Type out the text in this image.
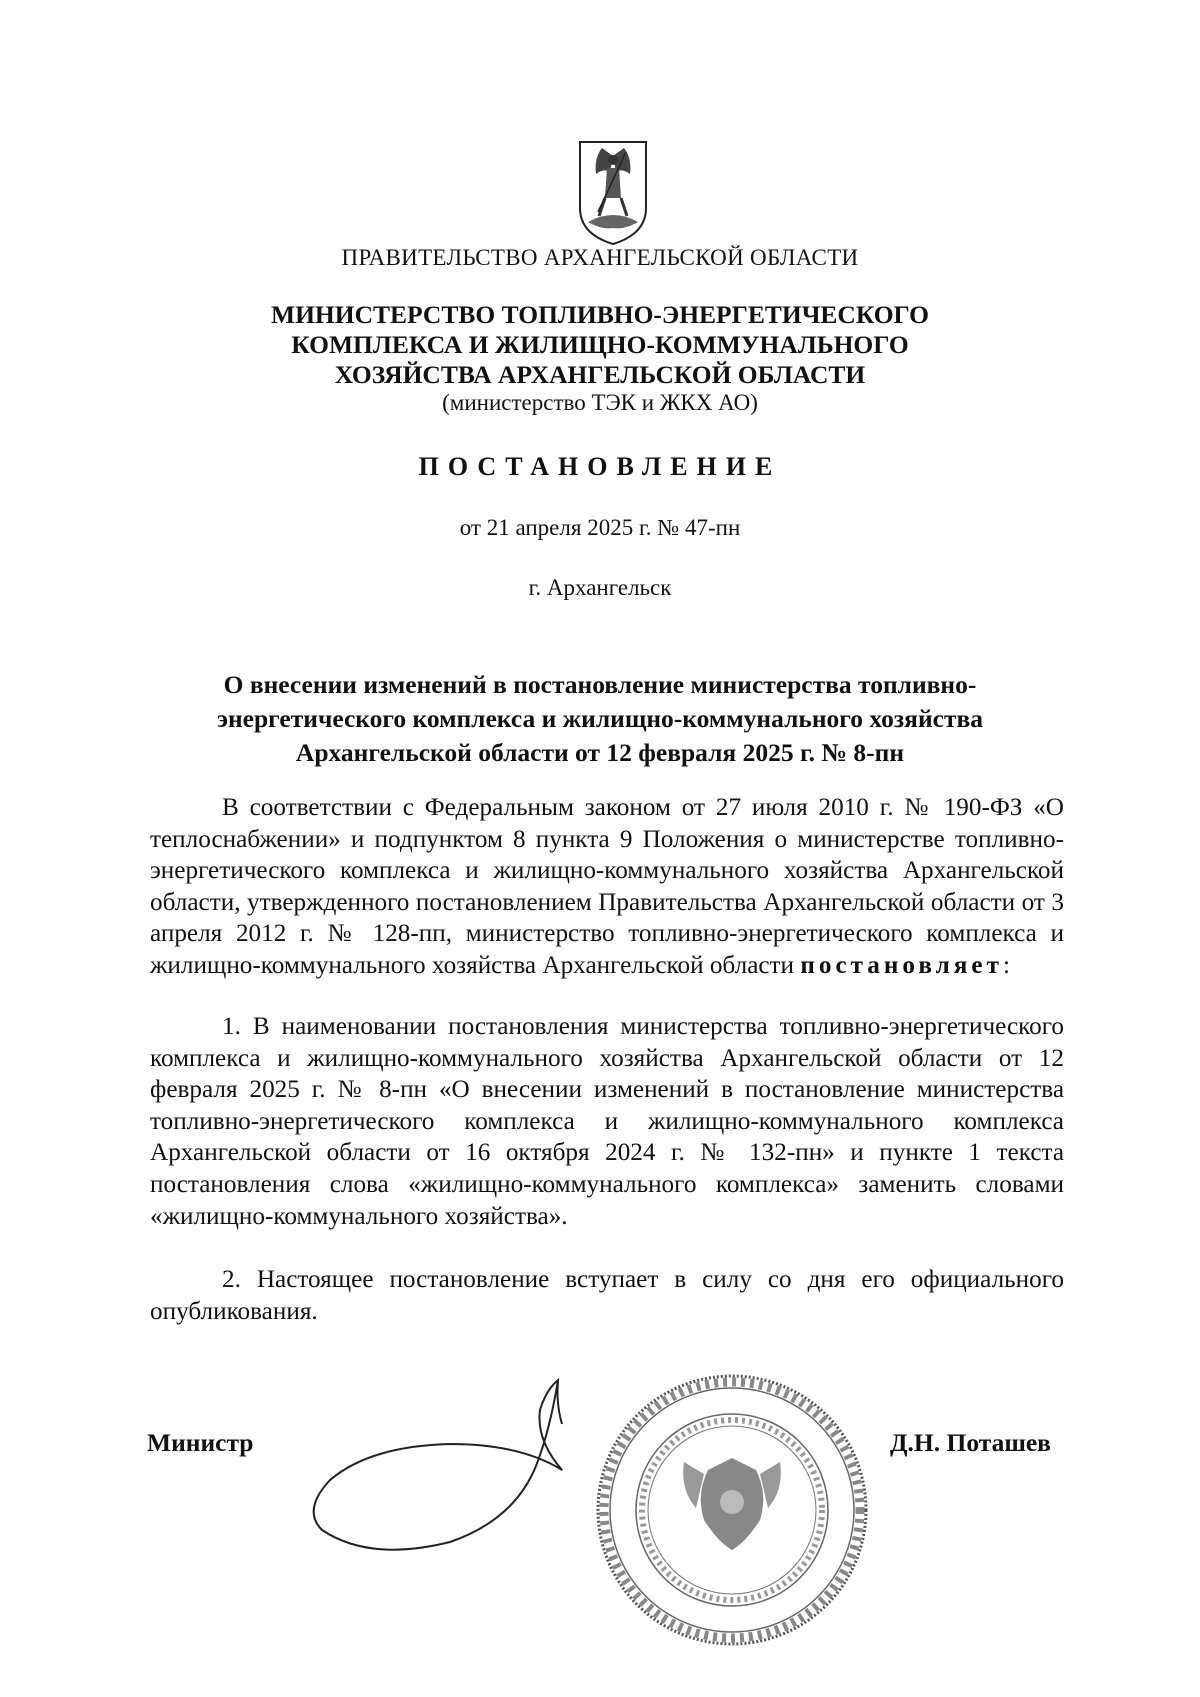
ПРАВИТЕЛЬСТВО АРХАНГЕЛЬСКОЙ ОБЛАСТИ
МИНИСТЕРСТВО ТОПЛИВНО-ЭНЕРГЕТИЧЕСКОГО
КОМПЛЕКСА И ЖИЛИЩНО-КОММУНАЛЬНОГО
ХОЗЯЙСТВА АРХАНГЕЛЬСКОЙ ОБЛАСТИ
(министерство ТЭК и ЖКХ АО)
ПОСТАНОВЛЕНИЕ
от 21 апреля 2025 г. № 47-пн
г. Архангельск
О внесении изменений в постановление министерства топливно-
энергетического комплекса и жилищно-коммунального хозяйства
Архангельской области от 12 февраля 2025 г. № 8-пн

В соответствии с Федеральным законом от 27 июля 2010 г. № 190-ФЗ «О теплоснабжении» и подпунктом 8 пункта 9 Положения о министерстве топливно-энергетического комплекса и жилищно-коммунального хозяйства Архангельской области, утвержденного постановлением Правительства Архангельской области от 3 апреля 2012 г. № 128-пп, министерство топливно-энергетического комплекса и жилищно-коммунального хозяйства Архангельской области постановляет:

1. В наименовании постановления министерства топливно-энергетического комплекса и жилищно-коммунального хозяйства Архангельской области от 12 февраля 2025 г. № 8-пн «О внесении изменений в постановление министерства топливно-энергетического комплекса и жилищно-коммунального комплекса Архангельской области от 16 октября 2024 г. № 132-пн» и пункте 1 текста постановления слова «жилищно-коммунального комплекса» заменить словами «жилищно-коммунального хозяйства».

2. Настоящее постановление вступает в силу со дня его официального опубликования.

Министр	Д.Н. Поташев
